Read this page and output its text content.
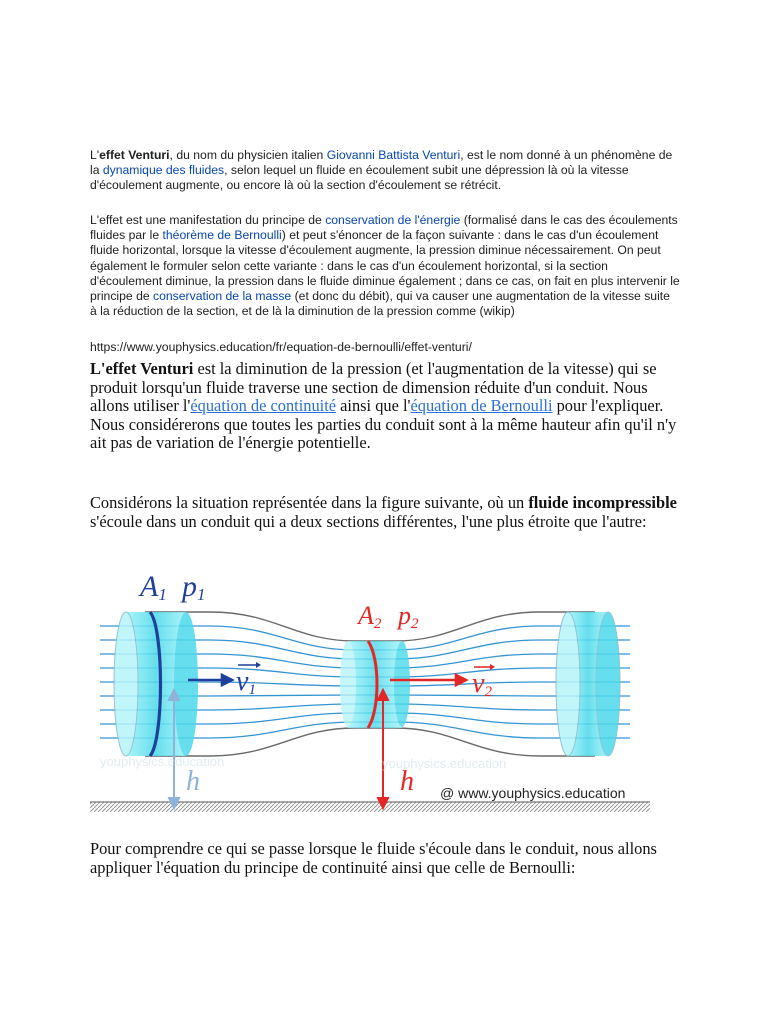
L'effet Venturi, du nom du physicien italien Giovanni Battista Venturi, est le nom donné à un phénomène de la dynamique des fluides, selon lequel un fluide en écoulement subit une dépression là où la vitesse d'écoulement augmente, ou encore là où la section d'écoulement se rétrécit.

L'effet est une manifestation du principe de conservation de l'énergie (formalisé dans le cas des écoulements fluides par le théorème de Bernoulli) et peut s'énoncer de la façon suivante : dans le cas d'un écoulement fluide horizontal, lorsque la vitesse d'écoulement augmente, la pression diminue nécessairement. On peut également le formuler selon cette variante : dans le cas d'un écoulement horizontal, si la section d'écoulement diminue, la pression dans le fluide diminue également ; dans ce cas, on fait en plus intervenir le principe de conservation de la masse (et donc du débit), qui va causer une augmentation de la vitesse suite à la réduction de la section, et de là la diminution de la pression comme (wikip)

https://www.youphysics.education/fr/equation-de-bernoulli/effet-venturi/
L'effet Venturi est la diminution de la pression (et l'augmentation de la vitesse) qui se produit lorsqu'un fluide traverse une section de dimension réduite d'un conduit. Nous allons utiliser l'équation de continuité ainsi que l'équation de Bernoulli pour l'expliquer. Nous considérerons que toutes les parties du conduit sont à la même hauteur afin qu'il n'y ait pas de variation de l'énergie potentielle.
Considérons la situation représentée dans la figure suivante, où un fluide incompressible s'écoule dans un conduit qui a deux sections différentes, l'une plus étroite que l'autre:
A1 p1
A2 p2
v1	v2
h	h
youphysics.education	youphysics.education
@ www.youphysics.education
Pour comprendre ce qui se passe lorsque le fluide s'écoule dans le conduit, nous allons appliquer l'équation du principe de continuité ainsi que celle de Bernoulli:
